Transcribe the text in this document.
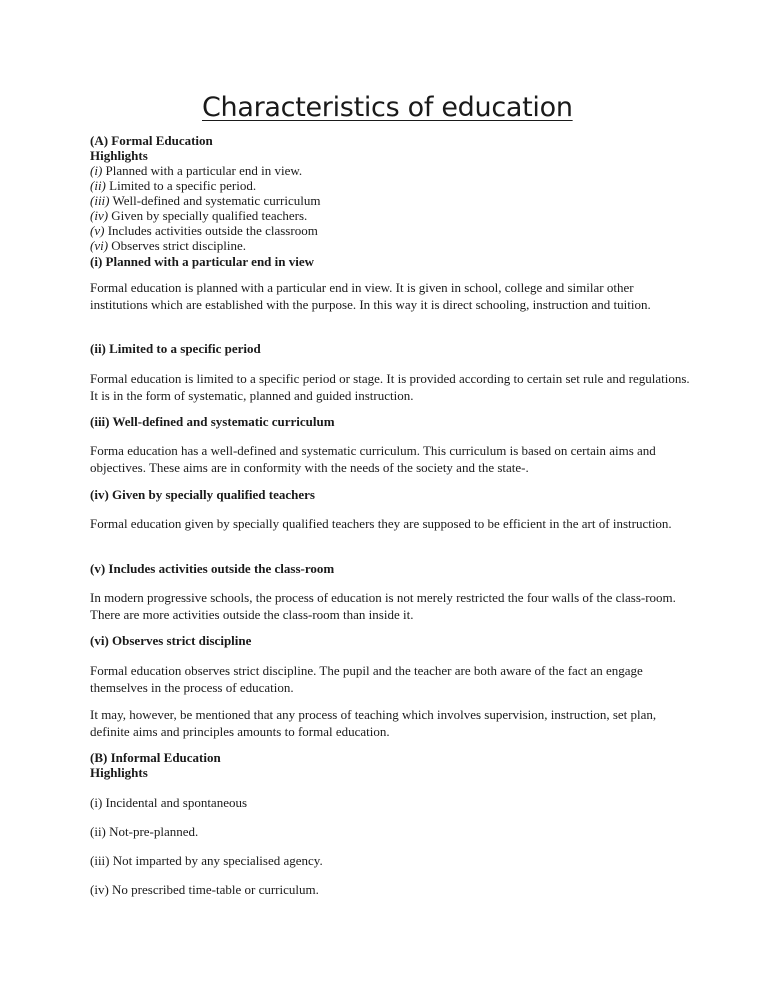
Characteristics of education
(A) Formal Education
Highlights
(i) Planned with a particular end in view.
(ii) Limited to a specific period.
(iii) Well-defined and systematic curriculum
(iv) Given by specially qualified teachers.
(v) Includes activities outside the classroom
(vi) Observes strict discipline.
(i) Planned with a particular end in view
Formal education is planned with a particular end in view. It is given in school, college and similar other institutions which are established with the purpose. In this way it is direct schooling, instruction and tuition.
(ii) Limited to a specific period
Formal education is limited to a specific period or stage. It is provided according to certain set rule and regulations. It is in the form of systematic, planned and guided instruction.
(iii) Well-defined and systematic curriculum
Forma education has a well-defined and systematic curriculum. This curriculum is based on certain aims and objectives. These aims are in conformity with the needs of the society and the state-.
(iv) Given by specially qualified teachers
Formal education given by specially qualified teachers they are supposed to be efficient in the art of instruction.
(v) Includes activities outside the class-room
In modern progressive schools, the process of education is not merely restricted the four walls of the class-room. There are more activities outside the class-room than inside it.
(vi) Observes strict discipline
Formal education observes strict discipline. The pupil and the teacher are both aware of the fact an engage themselves in the process of education.
It may, however, be mentioned that any process of teaching which involves supervision, instruction, set plan, definite aims and principles amounts to formal education.
(B) Informal Education
Highlights
(i) Incidental and spontaneous
(ii) Not-pre-planned.
(iii) Not imparted by any specialised agency.
(iv) No prescribed time-table or curriculum.
